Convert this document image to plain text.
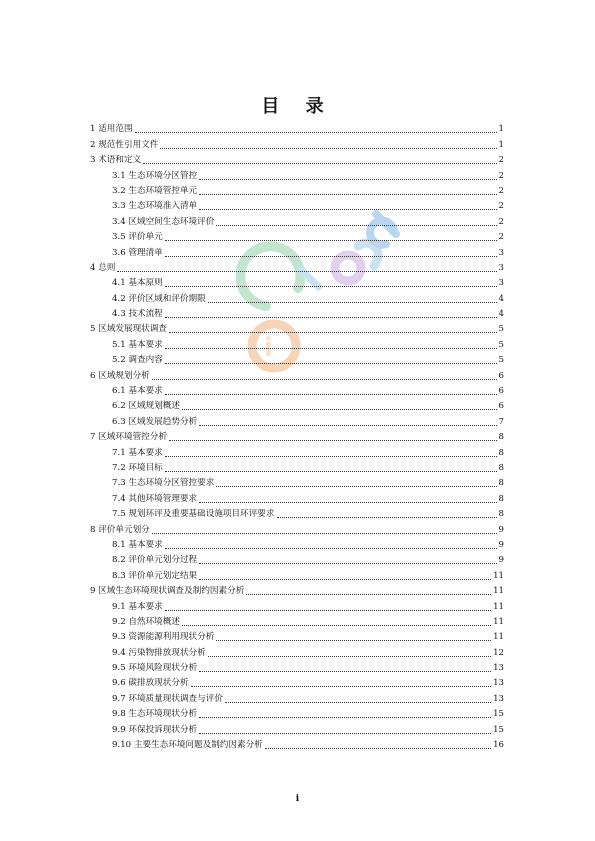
i
l
目 录
1 适用范围	1
2 规范性引用文件	1
3 术语和定义	2
3.1 生态环境分区管控	2
3.2 生态环境管控单元	2
3.3 生态环境准入清单	2
3.4 区域空间生态环境评价	2
3.5 评价单元	2
3.6 管理清单	3
4 总则	3
4.1 基本原则	3
4.2 评价区域和评价期限	4
4.3 技术流程	4
5 区域发展现状调查	5
5.1 基本要求	5
5.2 调查内容	5
6 区域规划分析	6
6.1 基本要求	6
6.2 区域规划概述	6
6.3 区域发展趋势分析	7
7 区域环境管控分析	8
7.1 基本要求	8
7.2 环境目标	8
7.3 生态环境分区管控要求	8
7.4 其他环境管理要求	8
7.5 规划环评及重要基础设施项目环评要求	8
8 评价单元划分	9
8.1 基本要求	9
8.2 评价单元划分过程	9
8.3 评价单元划定结果	11
9 区域生态环境现状调查及制约因素分析	11
9.1 基本要求	11
9.2 自然环境概述	11
9.3 资源能源利用现状分析	11
9.4 污染物排放现状分析	12
9.5 环境风险现状分析	13
9.6 碳排放现状分析	13
9.7 环境质量现状调查与评价	13
9.8 生态环境现状分析	15
9.9 环保投诉现状分析	15
9.10 主要生态环境问题及制约因素分析	16
i
